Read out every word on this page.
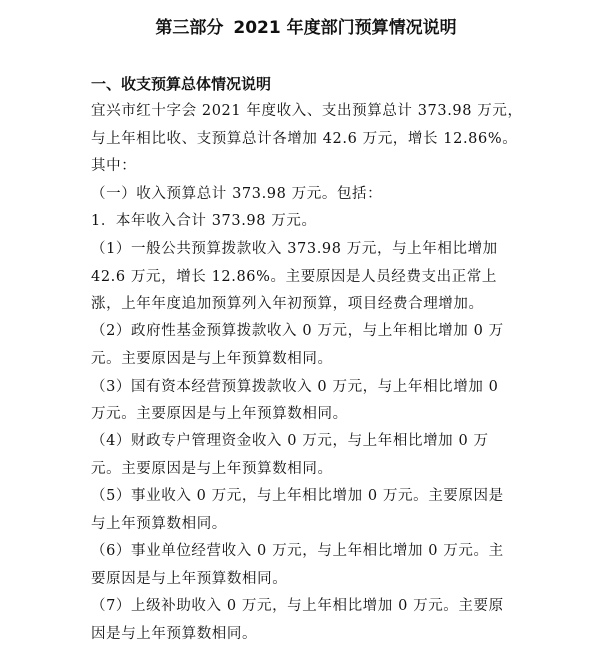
第三部分 2021 年度部门预算情况说明
一、收支预算总体情况说明
宜兴市红十字会 2021 年度收入、支出预算总计 373.98 万元，
与上年相比收、支预算总计各增加 42.6 万元，增长 12.86%。
其中：
（一）收入预算总计 373.98 万元。包括：
1．本年收入合计 373.98 万元。
（1）一般公共预算拨款收入 373.98 万元，与上年相比增加
42.6 万元，增长 12.86%。主要原因是人员经费支出正常上
涨，上年年度追加预算列入年初预算，项目经费合理增加。
（2）政府性基金预算拨款收入 0 万元，与上年相比增加 0 万
元。主要原因是与上年预算数相同。
（3）国有资本经营预算拨款收入 0 万元，与上年相比增加 0
万元。主要原因是与上年预算数相同。
（4）财政专户管理资金收入 0 万元，与上年相比增加 0 万
元。主要原因是与上年预算数相同。
（5）事业收入 0 万元，与上年相比增加 0 万元。主要原因是
与上年预算数相同。
（6）事业单位经营收入 0 万元，与上年相比增加 0 万元。主
要原因是与上年预算数相同。
（7）上级补助收入 0 万元，与上年相比增加 0 万元。主要原
因是与上年预算数相同。
